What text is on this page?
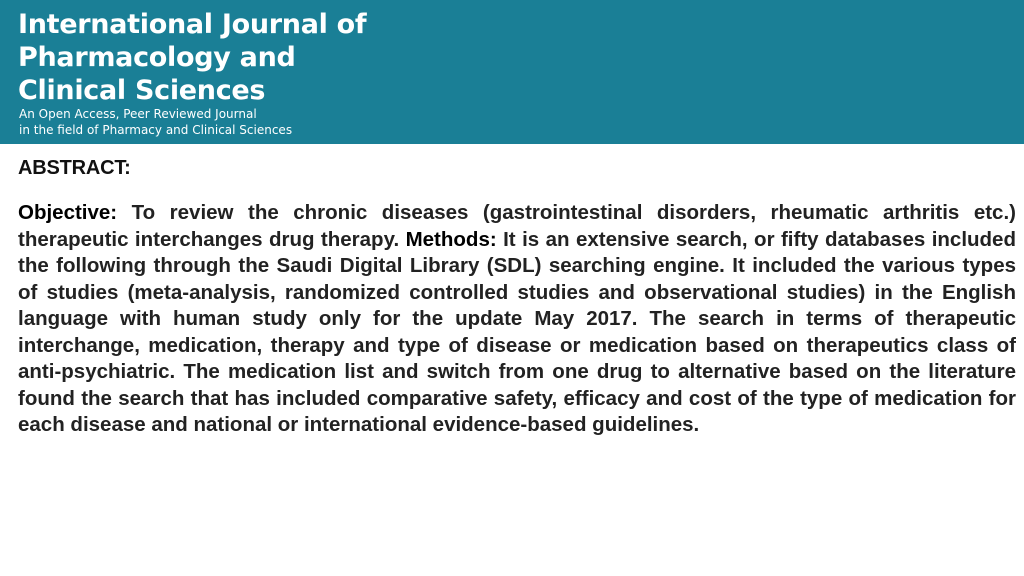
International Journal of
Pharmacology and
Clinical Sciences

An Open Access, Peer Reviewed Journal
in the field of Pharmacy and Clinical Sciences

ABSTRACT:

Objective: To review the chronic diseases (gastrointestinal disorders, rheumatic arthritis etc.) therapeutic interchanges drug therapy. Methods: It is an extensive search, or fifty databases included the following through the Saudi Digital Library (SDL) searching engine. It included the various types of studies (meta-analysis, randomized controlled studies and observational studies) in the English language with human study only for the update May 2017. The search in terms of therapeutic interchange, medication, therapy and type of disease or medication based on therapeutics class of anti-psychiatric. The medication list and switch from one drug to alternative based on the literature found the search that has included comparative safety, efficacy and cost of the type of medication for each disease and national or international evidence-based guidelines.
